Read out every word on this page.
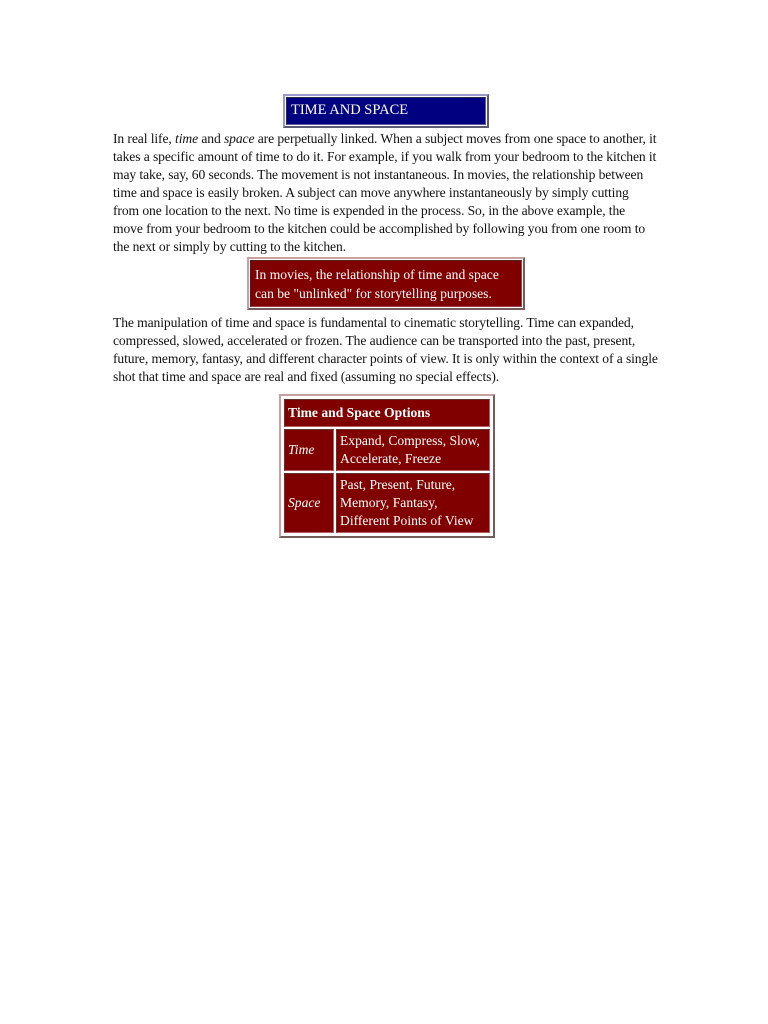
TIME AND SPACE

In real life, time and space are perpetually linked. When a subject moves from one space to another, it takes a specific amount of time to do it. For example, if you walk from your bedroom to the kitchen it may take, say, 60 seconds. The movement is not instantaneous. In movies, the relationship between time and space is easily broken. A subject can move anywhere instantaneously by simply cutting from one location to the next. No time is expended in the process. So, in the above example, the move from your bedroom to the kitchen could be accomplished by following you from one room to the next or simply by cutting to the kitchen.

In movies, the relationship of time and space can be "unlinked" for storytelling purposes.

The manipulation of time and space is fundamental to cinematic storytelling. Time can expanded, compressed, slowed, accelerated or frozen. The audience can be transported into the past, present, future, memory, fantasy, and different character points of view. It is only within the context of a single shot that time and space are real and fixed (assuming no special effects).

Time and Space Options	
Time	Expand, Compress, Slow, Accelerate, Freeze
Space	Past, Present, Future, Memory, Fantasy, Different Points of View
